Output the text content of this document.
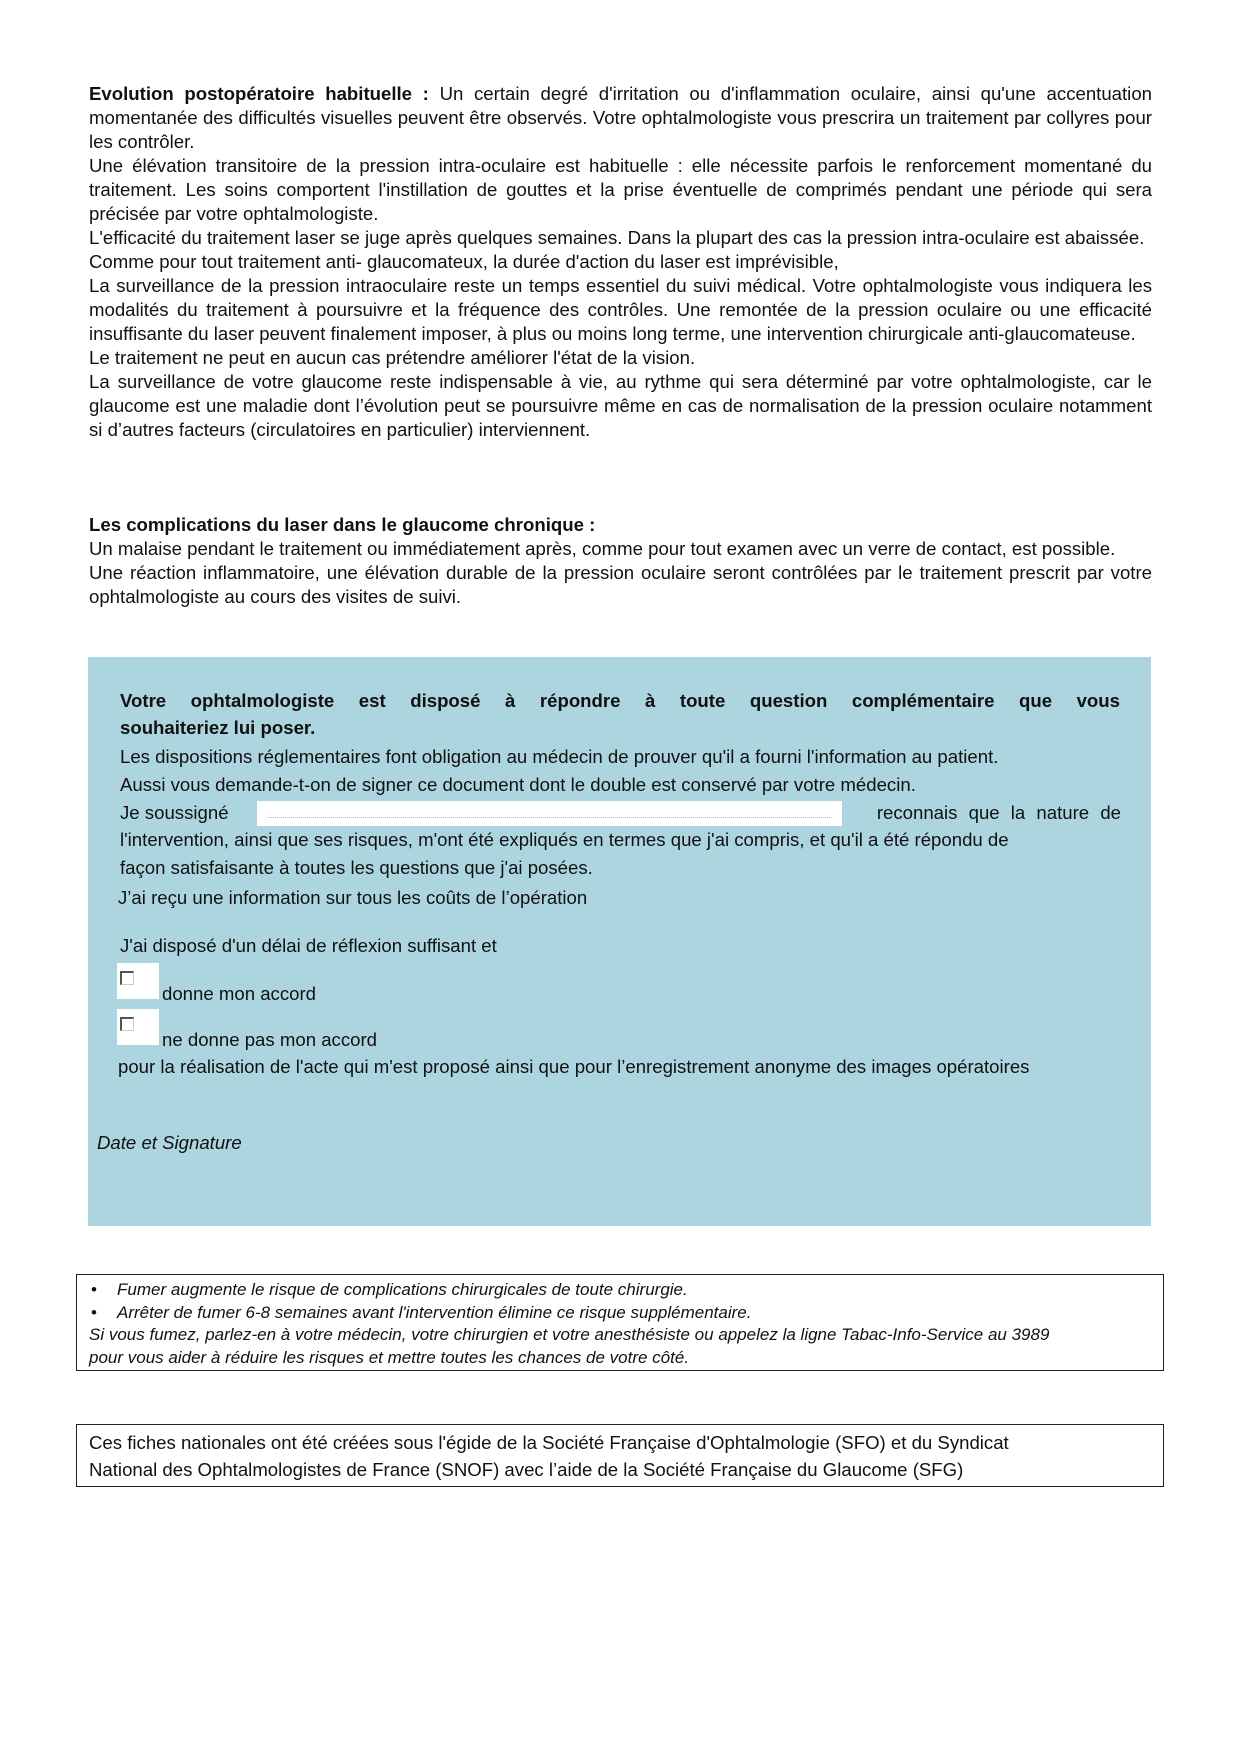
Evolution postopératoire habituelle : Un certain degré d'irritation ou d'inflammation oculaire, ainsi qu'une accentuation momentanée des difficultés visuelles peuvent être observés. Votre ophtalmologiste vous prescrira un traitement par collyres pour les contrôler.

Une élévation transitoire de la pression intra-oculaire est habituelle : elle nécessite parfois le renforcement momentané du traitement. Les soins comportent l'instillation de gouttes et la prise éventuelle de comprimés pendant une période qui sera précisée par votre ophtalmologiste.

L'efficacité du traitement laser se juge après quelques semaines. Dans la plupart des cas la pression intra-oculaire est abaissée.

Comme pour tout traitement anti- glaucomateux, la durée d'action du laser est imprévisible,

La surveillance de la pression intraoculaire reste un temps essentiel du suivi médical. Votre ophtalmologiste vous indiquera les modalités du traitement à poursuivre et la fréquence des contrôles. Une remontée de la pression oculaire ou une efficacité insuffisante du laser peuvent finalement imposer, à plus ou moins long terme, une intervention chirurgicale anti-glaucomateuse.

Le traitement ne peut en aucun cas prétendre améliorer l'état de la vision.

La surveillance de votre glaucome reste indispensable à vie, au rythme qui sera déterminé par votre ophtalmologiste, car le glaucome est une maladie dont l’évolution peut se poursuivre même en cas de normalisation de la pression oculaire notamment si d’autres facteurs (circulatoires en particulier) interviennent.

Les complications du laser dans le glaucome chronique :

Un malaise pendant le traitement ou immédiatement après, comme pour tout examen avec un verre de contact, est possible.

Une réaction inflammatoire, une élévation durable de la pression oculaire seront contrôlées par le traitement prescrit par votre ophtalmologiste au cours des visites de suivi.

Votre ophtalmologiste est disposé à répondre à toute question complémentaire que vous
souhaiteriez lui poser.
Les dispositions réglementaires font obligation au médecin de prouver qu'il a fourni l'information au patient.
Aussi vous demande-t-on de signer ce document dont le double est conservé par votre médecin.
Je soussigné	reconnais que la nature de
l'intervention, ainsi que ses risques, m'ont été expliqués en termes que j'ai compris, et qu'il a été répondu de
façon satisfaisante à toutes les questions que j'ai posées.
J’ai reçu une information sur tous les coûts de l’opération
J'ai disposé d'un délai de réflexion suffisant et
donne mon accord
ne donne pas mon accord
pour la réalisation de l'acte qui m'est proposé ainsi que pour l’enregistrement anonyme des images opératoires
Date et Signature
• Fumer augmente le risque de complications chirurgicales de toute chirurgie.
• Arrêter de fumer 6-8 semaines avant l'intervention élimine ce risque supplémentaire.
Si vous fumez, parlez-en à votre médecin, votre chirurgien et votre anesthésiste ou appelez la ligne Tabac-Info-Service au 3989
pour vous aider à réduire les risques et mettre toutes les chances de votre côté.
Ces fiches nationales ont été créées sous l'égide de la Société Française d'Ophtalmologie (SFO) et du Syndicat
National des Ophtalmologistes de France (SNOF) avec l’aide de la Société Française du Glaucome (SFG)
